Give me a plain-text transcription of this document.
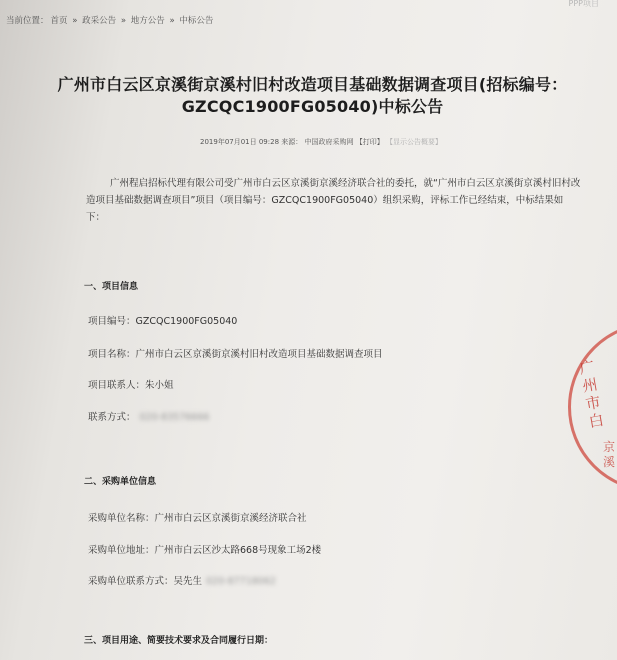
当前位置： 首页 » 政采公告 » 地方公告 » 中标公告
PPP项目
广州市白云区京溪街京溪村旧村改造项目基础数据调查项目(招标编号：GZCQC1900FG05040)中标公告
2019年07月01日 09:28 来源： 中国政府采购网 【打印】 【显示公告概要】
广州程启招标代理有限公司受广州市白云区京溪街京溪经济联合社的委托，就“广州市白云区京溪街京溪村旧村改造项目基础数据调查项目”项目（项目编号：GZCQC1900FG05040）组织采购，评标工作已经结束，中标结果如下：
一、项目信息
项目编号：GZCQC1900FG05040
项目名称：广州市白云区京溪街京溪村旧村改造项目基础数据调查项目
项目联系人：朱小姐
联系方式： 020-83576666
二、采购单位信息
采购单位名称：广州市白云区京溪街京溪经济联合社
采购单位地址：广州市白云区沙太路668号现象工场2楼
采购单位联系方式：吴先生 020-87718062
三、项目用途、简要技术要求及合同履行日期：
广州市白
京溪
